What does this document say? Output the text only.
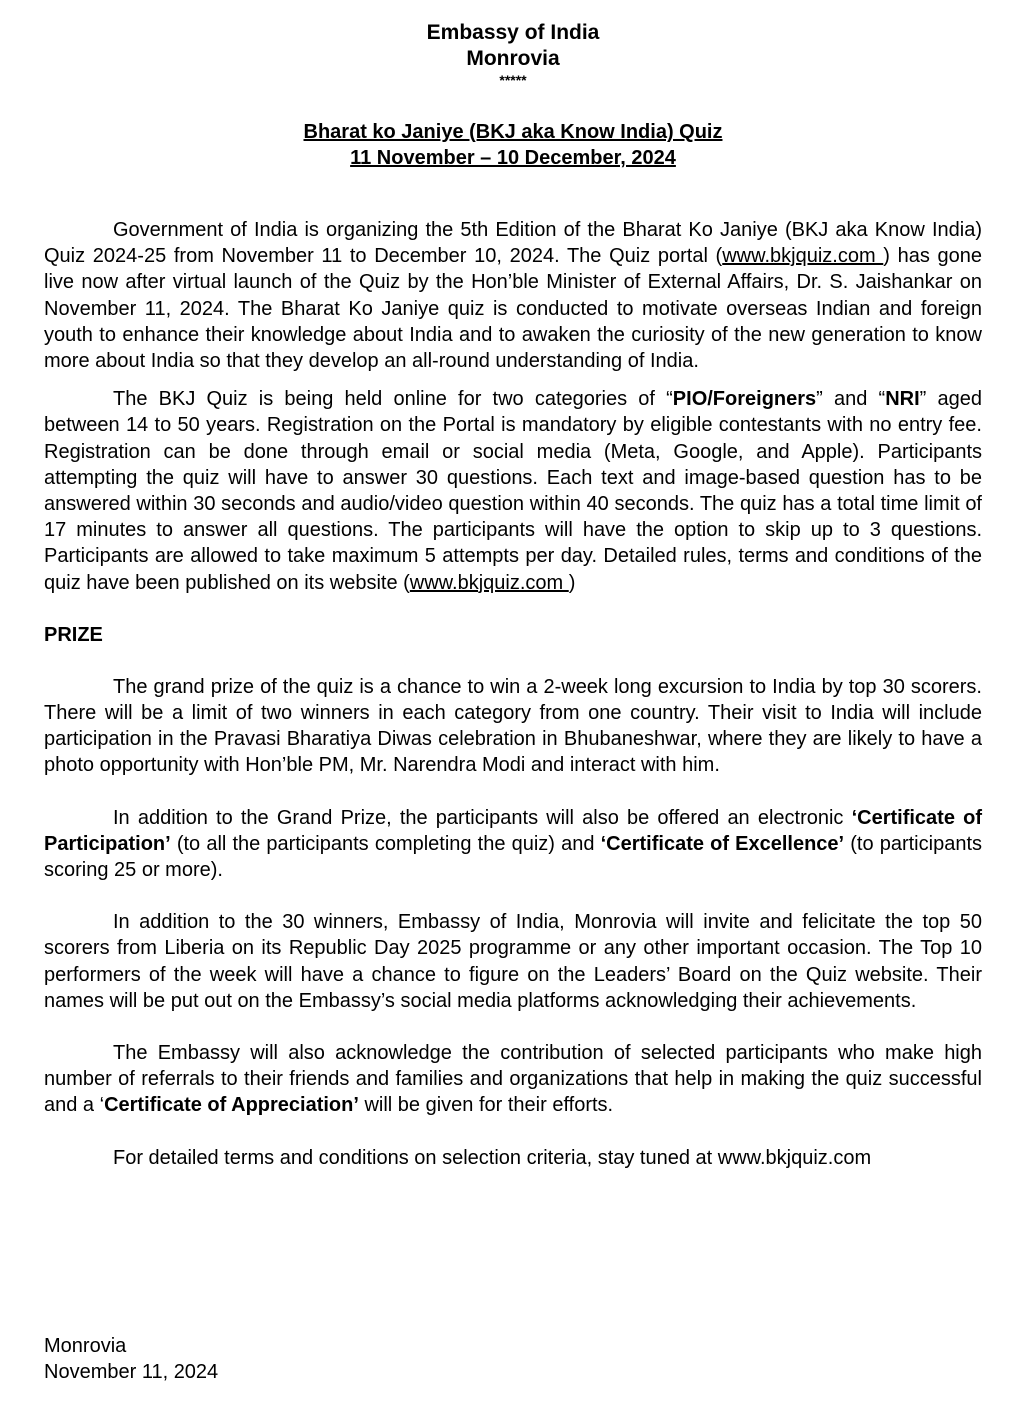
Embassy of India
Monrovia
*****
Bharat ko Janiye (BKJ aka Know India) Quiz
11 November – 10 December, 2024

Government of India is organizing the 5th Edition of the Bharat Ko Janiye (BKJ aka Know India) Quiz 2024-25 from November 11 to December 10, 2024. The Quiz portal (www.bkjquiz.com ) has gone live now after virtual launch of the Quiz by the Hon’ble Minister of External Affairs, Dr. S. Jaishankar on November 11, 2024. The Bharat Ko Janiye quiz is conducted to motivate overseas Indian and foreign youth to enhance their knowledge about India and to awaken the curiosity of the new generation to know more about India so that they develop an all-round understanding of India.

The BKJ Quiz is being held online for two categories of “PIO/Foreigners” and “NRI” aged between 14 to 50 years. Registration on the Portal is mandatory by eligible contestants with no entry fee. Registration can be done through email or social media (Meta, Google, and Apple). Participants attempting the quiz will have to answer 30 questions. Each text and image-based question has to be answered within 30 seconds and audio/video question within 40 seconds. The quiz has a total time limit of 17 minutes to answer all questions. The participants will have the option to skip up to 3 questions. Participants are allowed to take maximum 5 attempts per day. Detailed rules, terms and conditions of the quiz have been published on its website (www.bkjquiz.com )

PRIZE

The grand prize of the quiz is a chance to win a 2-week long excursion to India by top 30 scorers. There will be a limit of two winners in each category from one country. Their visit to India will include participation in the Pravasi Bharatiya Diwas celebration in Bhubaneshwar, where they are likely to have a photo opportunity with Hon’ble PM, Mr. Narendra Modi and interact with him.

In addition to the Grand Prize, the participants will also be offered an electronic ‘Certificate of Participation’ (to all the participants completing the quiz) and ‘Certificate of Excellence’ (to participants scoring 25 or more).

In addition to the 30 winners, Embassy of India, Monrovia will invite and felicitate the top 50 scorers from Liberia on its Republic Day 2025 programme or any other important occasion. The Top 10 performers of the week will have a chance to figure on the Leaders’ Board on the Quiz website. Their names will be put out on the Embassy’s social media platforms acknowledging their achievements.

The Embassy will also acknowledge the contribution of selected participants who make high number of referrals to their friends and families and organizations that help in making the quiz successful and a ‘Certificate of Appreciation’ will be given for their efforts.

For detailed terms and conditions on selection criteria, stay tuned at www.bkjquiz.com

Monrovia
November 11, 2024
